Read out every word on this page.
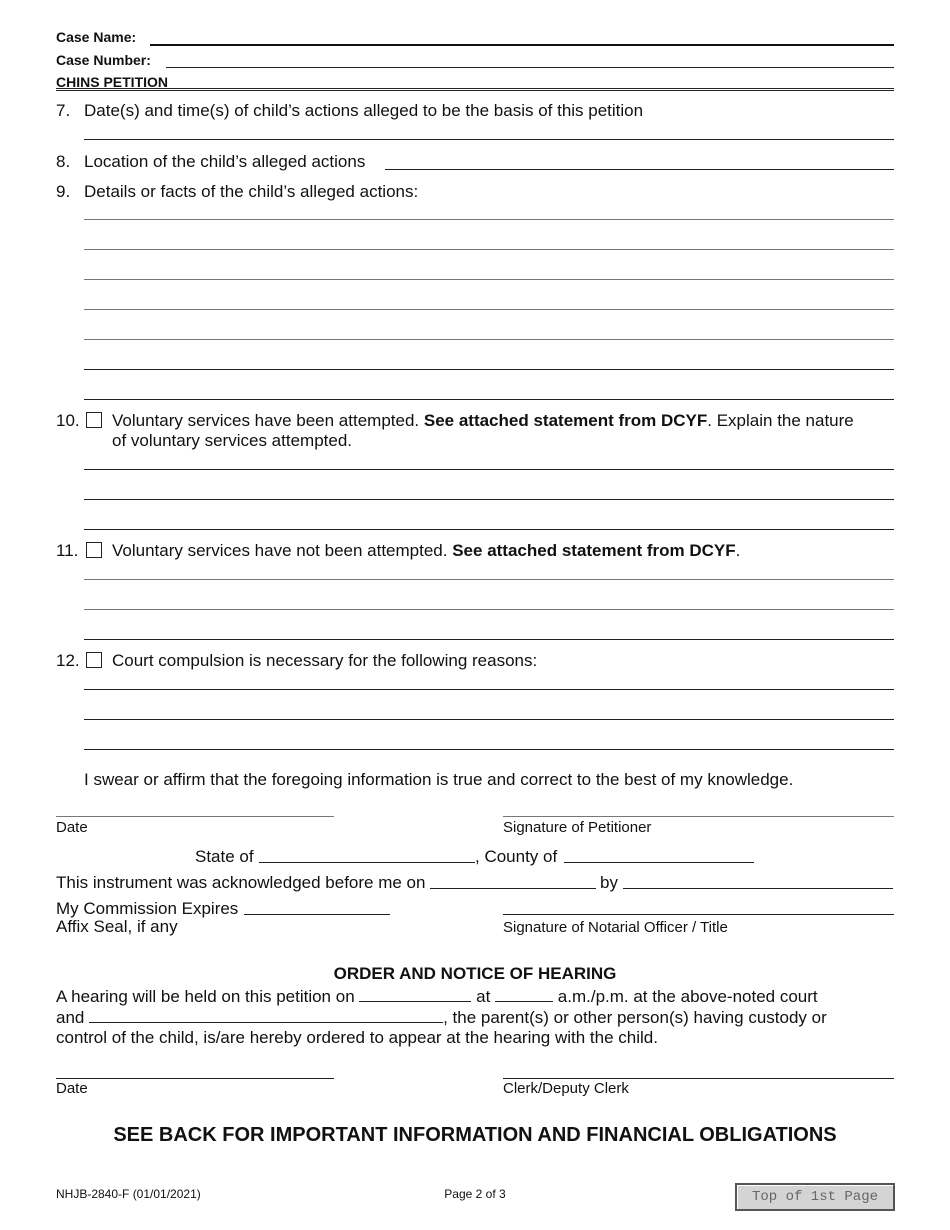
Case Name:
Case Number:
CHINS PETITION
7. Date(s) and time(s) of child’s actions alleged to be the basis of this petition
8. Location of the child’s alleged actions
9. Details or facts of the child’s alleged actions:
10. Voluntary services have been attempted. See attached statement from DCYF. Explain the nature
of voluntary services attempted.
11. Voluntary services have not been attempted. See attached statement from DCYF.
12. Court compulsion is necessary for the following reasons:
I swear or affirm that the foregoing information is true and correct to the best of my knowledge.
Date	Signature of Petitioner
State of	, County of
This instrument was acknowledged before me on	by
My Commission Expires
Affix Seal, if any	Signature of Notarial Officer / Title
ORDER AND NOTICE OF HEARING
A hearing will be held on this petition on	at	a.m./p.m. at the above-noted court
and	, the parent(s) or other person(s) having custody or
control of the child, is/are hereby ordered to appear at the hearing with the child.
Date	Clerk/Deputy Clerk
SEE BACK FOR IMPORTANT INFORMATION AND FINANCIAL OBLIGATIONS
NHJB-2840-F (01/01/2021)	Page 2 of 3	Top of 1st Page
